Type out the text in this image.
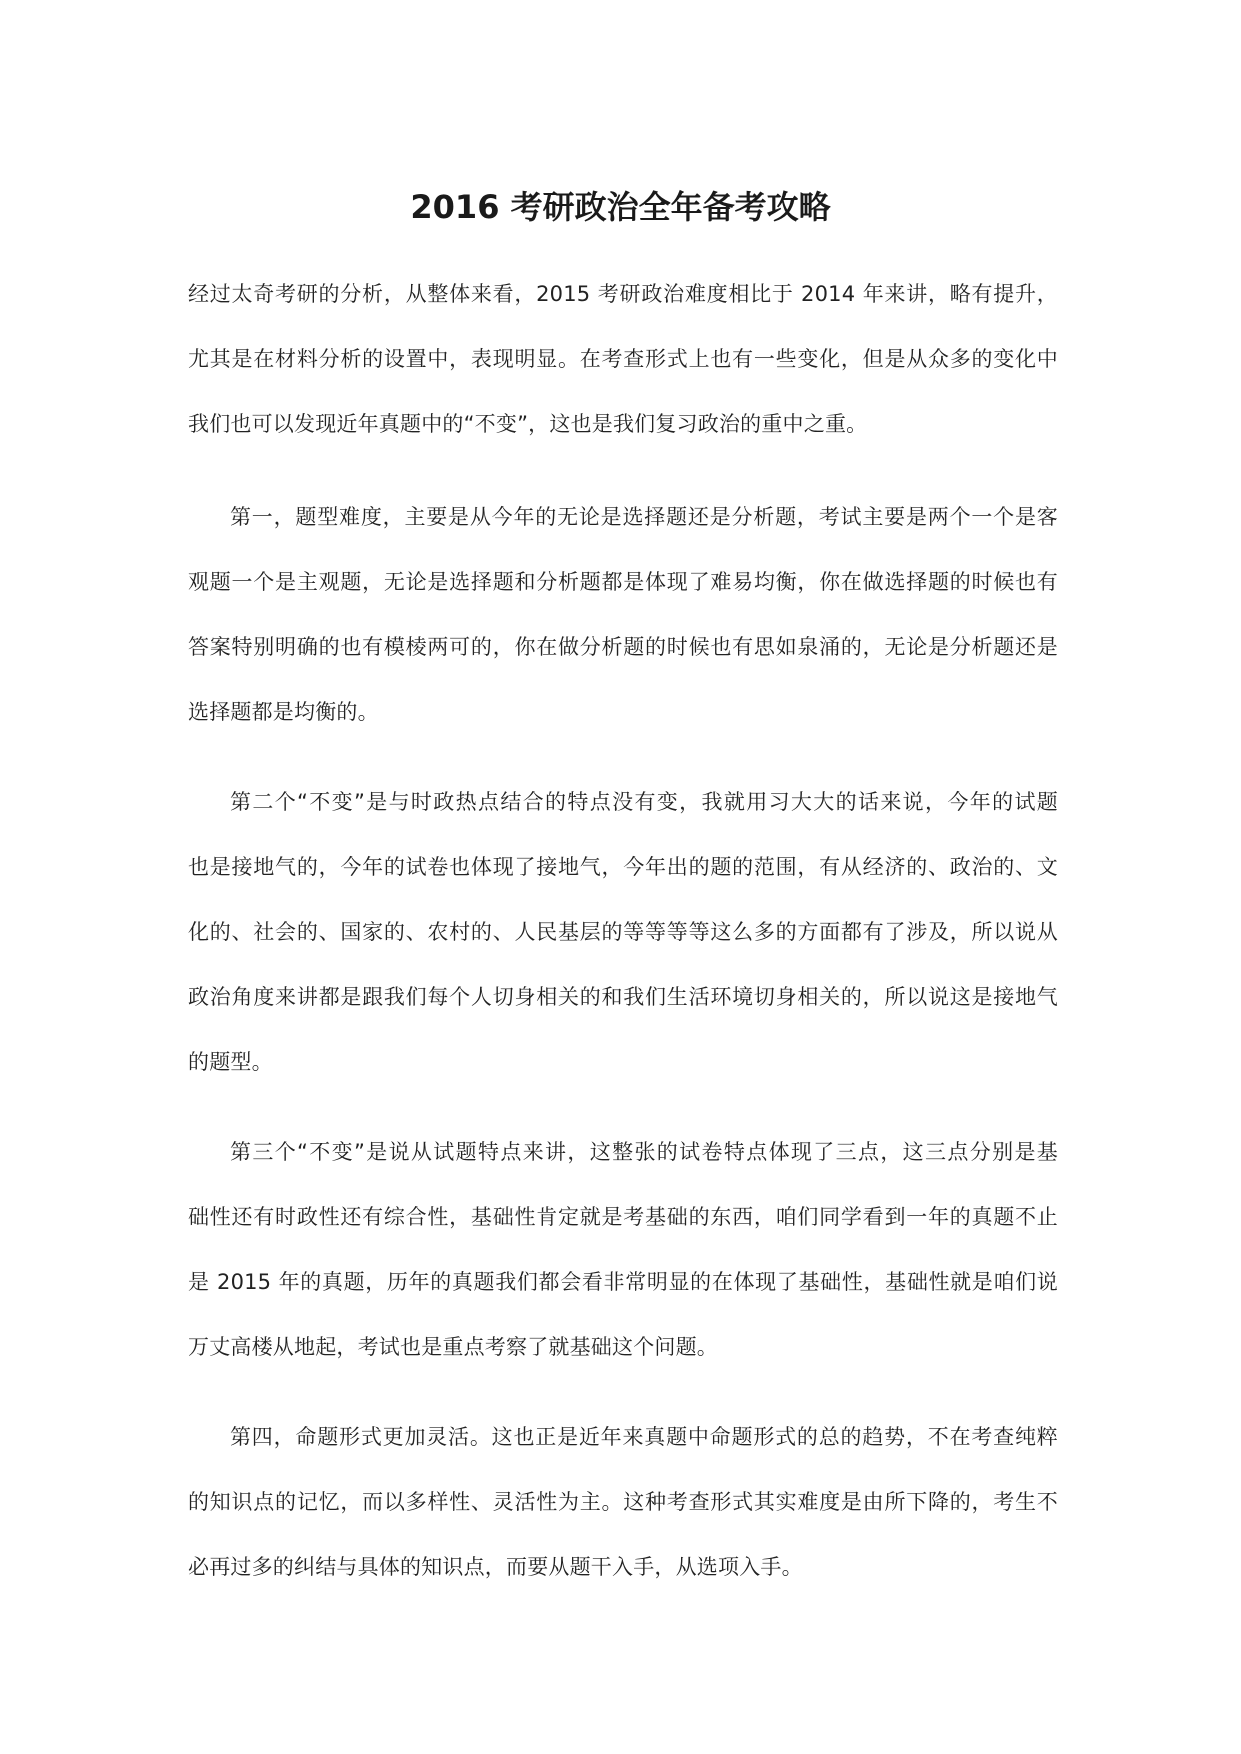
2016 考研政治全年备考攻略
经过太奇考研的分析，从整体来看，2015 考研政治难度相比于 2014 年来讲，略有提升，
尤其是在材料分析的设置中，表现明显。在考查形式上也有一些变化，但是从众多的变化中
我们也可以发现近年真题中的“不变”，这也是我们复习政治的重中之重。
第一，题型难度，主要是从今年的无论是选择题还是分析题，考试主要是两个一个是客
观题一个是主观题，无论是选择题和分析题都是体现了难易均衡，你在做选择题的时候也有
答案特别明确的也有模棱两可的，你在做分析题的时候也有思如泉涌的，无论是分析题还是
选择题都是均衡的。
第二个“不变”是与时政热点结合的特点没有变，我就用习大大的话来说，今年的试题
也是接地气的，今年的试卷也体现了接地气，今年出的题的范围，有从经济的、政治的、文
化的、社会的、国家的、农村的、人民基层的等等等等这么多的方面都有了涉及，所以说从
政治角度来讲都是跟我们每个人切身相关的和我们生活环境切身相关的，所以说这是接地气
的题型。
第三个“不变”是说从试题特点来讲，这整张的试卷特点体现了三点，这三点分别是基
础性还有时政性还有综合性，基础性肯定就是考基础的东西，咱们同学看到一年的真题不止
是 2015 年的真题，历年的真题我们都会看非常明显的在体现了基础性，基础性就是咱们说
万丈高楼从地起，考试也是重点考察了就基础这个问题。
第四，命题形式更加灵活。这也正是近年来真题中命题形式的总的趋势，不在考查纯粹
的知识点的记忆，而以多样性、灵活性为主。这种考查形式其实难度是由所下降的，考生不
必再过多的纠结与具体的知识点，而要从题干入手，从选项入手。
